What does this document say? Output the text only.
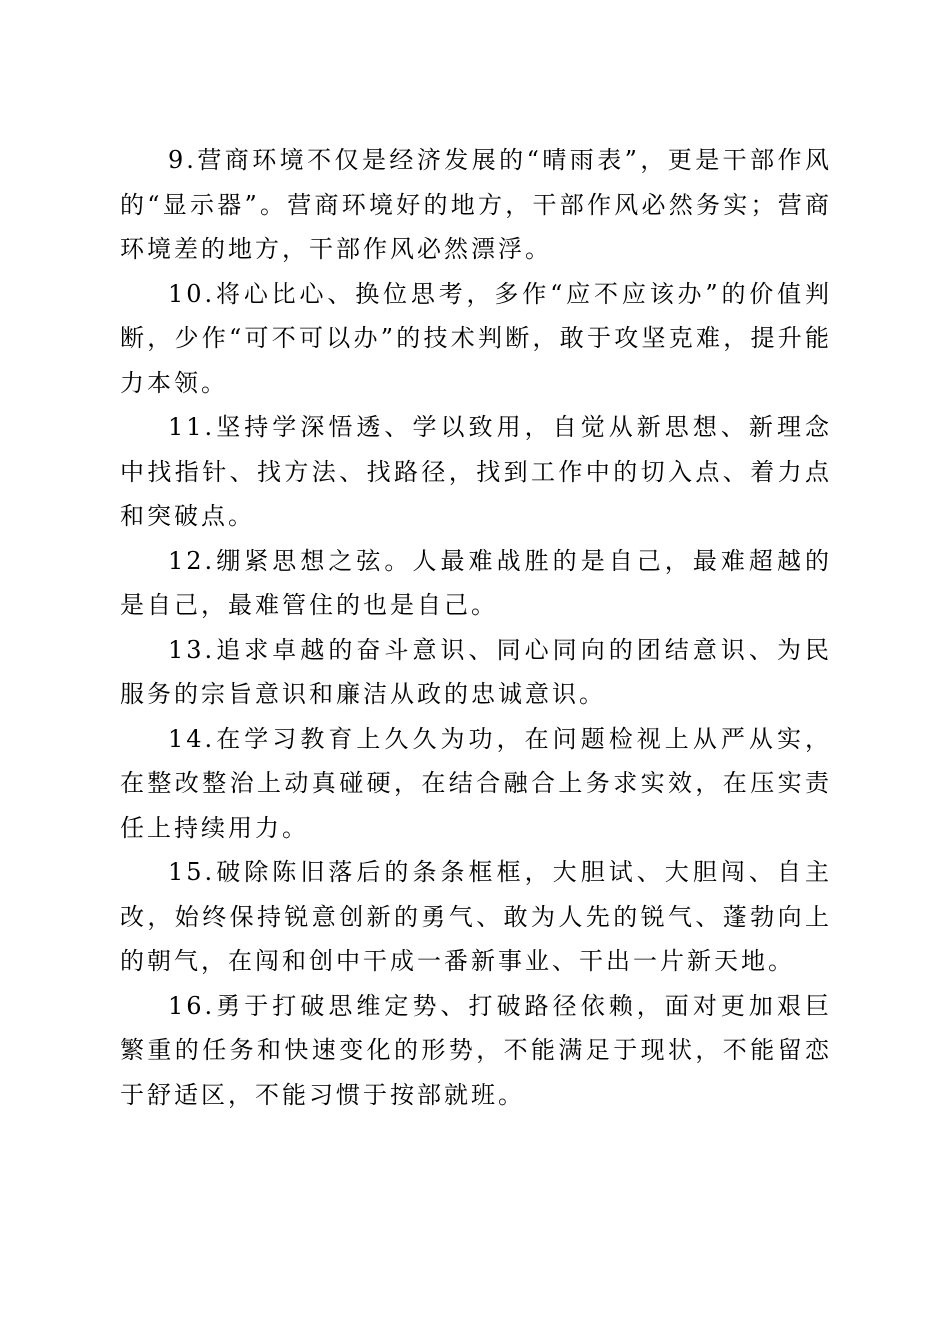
9.营商环境不仅是经济发展的“晴雨表”，更是干部作风的“显示器”。营商环境好的地方，干部作风必然务实；营商环境差的地方，干部作风必然漂浮。

10.将心比心、换位思考，多作“应不应该办”的价值判断，少作“可不可以办”的技术判断，敢于攻坚克难，提升能力本领。

11.坚持学深悟透、学以致用，自觉从新思想、新理念中找指针、找方法、找路径，找到工作中的切入点、着力点和突破点。

12.绷紧思想之弦。人最难战胜的是自己，最难超越的是自己，最难管住的也是自己。

13.追求卓越的奋斗意识、同心同向的团结意识、为民服务的宗旨意识和廉洁从政的忠诚意识。

14.在学习教育上久久为功，在问题检视上从严从实，在整改整治上动真碰硬，在结合融合上务求实效，在压实责任上持续用力。

15.破除陈旧落后的条条框框，大胆试、大胆闯、自主改，始终保持锐意创新的勇气、敢为人先的锐气、蓬勃向上的朝气，在闯和创中干成一番新事业、干出一片新天地。

16.勇于打破思维定势、打破路径依赖，面对更加艰巨繁重的任务和快速变化的形势，不能满足于现状，不能留恋于舒适区，不能习惯于按部就班。
